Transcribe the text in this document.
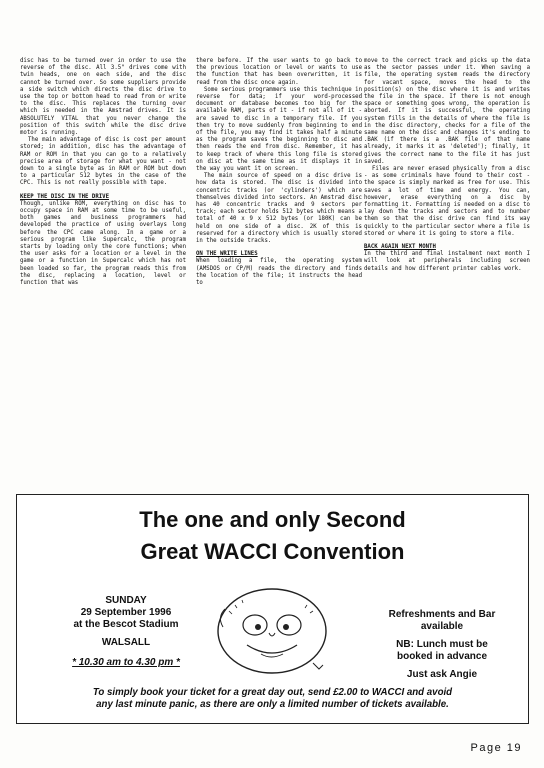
disc has to be turned over in order to use the reverse of the disc. All 3.5" drives come with twin heads, one on each side, and the disc cannot be turned over. So some suppliers provide a side switch which directs the disc drive to use the top or bottom head to read from or write to the disc. This replaces the turning over which is needed in the Amstrad drives. It is ABSOLUTELY VITAL that you never change the position of this switch while the disc drive motor is running.

The main advantage of disc is cost per amount stored; in addition, disc has the advantage of RAM or ROM in that you can go to a relatively precise area of storage for what you want - not down to a single byte as in RAM or ROM but down to a particular 512 bytes in the case of the CPC. This is not really possible with tape.

KEEP THE DISC IN THE DRIVE

Though, unlike ROM, everything on disc has to occupy space in RAM at some time to be useful, both games and business programmers had developed the practice of using overlays long before the CPC came along. In a game or a serious program like Supercalc, the program starts by loading only the core functions; when the user asks for a location or a level in the game or a function in Supercalc which has not been loaded so far, the program reads this from the disc, replacing a location, level or function that was

there before. If the user wants to go back to the previous location or level or wants to use the function that has been overwritten, it is read from the disc once again.

Some serious programmers use this technique in reverse for data; if your word-processed document or database becomes too big for the available RAM, parts of it - if not all of it - are saved to disc in a temporary file. If you then try to move suddenly from beginning to end of the file, you may find it takes half a minute as the program saves the beginning to disc and then reads the end from disc. Remember, it has to keep track of where this long file is stored on disc at the same time as it displays it in the way you want it on screen.

The main source of speed on a disc drive is how data is stored. The disc is divided into concentric tracks (or 'cylinders') which are themselves divided into sectors. An Amstrad disc has 40 concentric tracks and 9 sectors per track; each sector holds 512 bytes which means a total of 40 x 9 x 512 bytes (or 180K) can be held on one side of a disc. 2K of this is reserved for a directory which is usually stored in the outside tracks.

ON THE WRITE LINES

When loading a file, the operating system (AMSDOS or CP/M) reads the directory and finds the location of the file; it instructs the head to

move to the correct track and picks up the data as the sector passes under it. When saving a file, the operating system reads the directory for vacant space, moves the head to the position(s) on the disc where it is and writes the file in the space. If there is not enough space or something goes wrong, the operation is aborted. If it is successful, the operating system fills in the details of where the file is in the disc directory, checks for a file of the same name on the disc and changes it's ending to .BAK (if there is a .BAK file of that name already, it marks it as 'deleted'); finally, it gives the correct name to the file it has just saved.

Files are never erased physically from a disc - as some criminals have found to their cost - the space is simply marked as free for use. This saves a lot of time and energy. You can, however, erase everything on a disc by formatting it. Formatting is needed on a disc to lay down the tracks and sectors and to number them so that the disc drive can find its way quickly to the particular sector where a file is stored or where it is going to store a file.

BACK AGAIN NEXT MONTH

In the third and final instalment next month I will look at peripherals including screen details and how different printer cables work.

The one and only Second
Great WACCI Convention
SUNDAY
29 September 1996
at the Bescot Stadium
WALSALL
* 10.30 am to 4.30 pm *
Refreshments and Bar
available
NB: Lunch must be
booked in advance
Just ask Angie
To simply book your ticket for a great day out, send £2.00 to WACCI and avoid
any last minute panic, as there are only a limited number of tickets available.
Page 19
